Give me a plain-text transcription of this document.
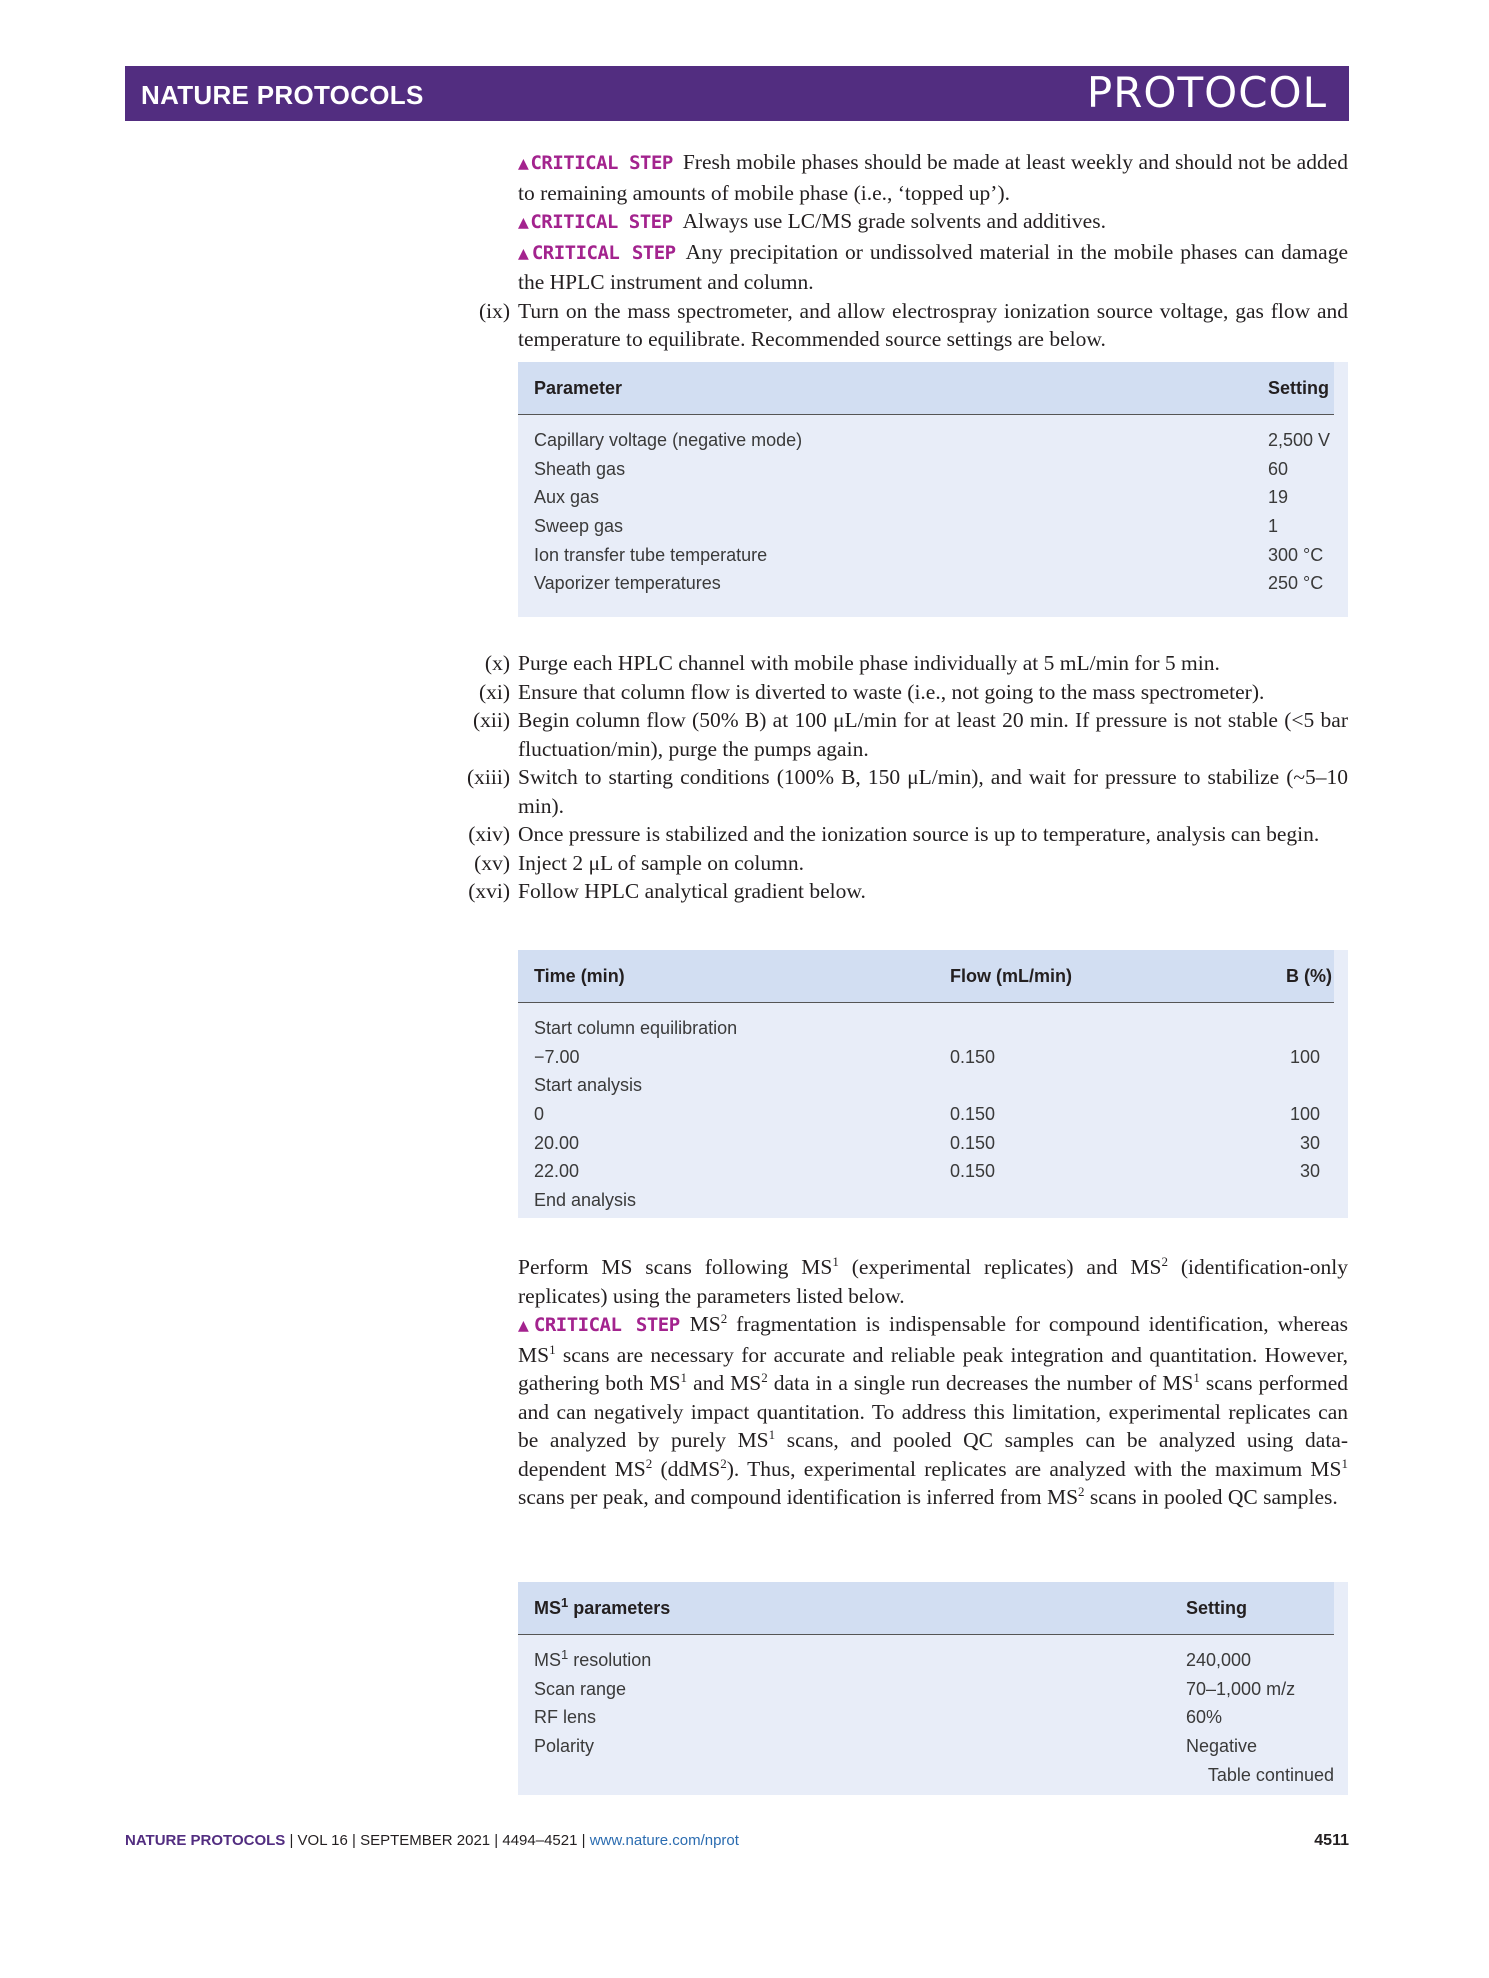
NATURE PROTOCOLS	PROTOCOL

▲ CRITICAL STEP Fresh mobile phases should be made at least weekly and should not be added to remaining amounts of mobile phase (i.e., ‘topped up’).

▲ CRITICAL STEP Always use LC/MS grade solvents and additives.

▲ CRITICAL STEP Any precipitation or undissolved material in the mobile phases can damage the HPLC instrument and column.

(ix) Turn on the mass spectrometer, and allow electrospray ionization source voltage, gas flow and temperature to equilibrate. Recommended source settings are below.

Parameter	Setting
Capillary voltage (negative mode)	2,500 V
Sheath gas	60
Aux gas	19
Sweep gas	1
Ion transfer tube temperature	300 °C
Vaporizer temperatures	250 °C

(x) Purge each HPLC channel with mobile phase individually at 5 mL/min for 5 min.

(xi) Ensure that column flow is diverted to waste (i.e., not going to the mass spectrometer).

(xii) Begin column flow (50% B) at 100 μL/min for at least 20 min. If pressure is not stable (<5 bar fluctuation/min), purge the pumps again.

(xiii) Switch to starting conditions (100% B, 150 μL/min), and wait for pressure to stabilize (~5–10 min).

(xiv) Once pressure is stabilized and the ionization source is up to temperature, analysis can begin.

(xv) Inject 2 μL of sample on column.

(xvi) Follow HPLC analytical gradient below.

Time (min)	Flow (mL/min)	B (%)
Start column equilibration
−7.00	0.150	100
Start analysis
0	0.150	100
20.00	0.150	30
22.00	0.150	30
End analysis

Perform MS scans following $MS^1$ (experimental replicates) and $MS^2$ (identification-only replicates) using the parameters listed below.

▲ CRITICAL STEP $MS^2$ fragmentation is indispensable for compound identification, whereas $MS^1$ scans are necessary for accurate and reliable peak integration and quantitation. However, gathering both $MS^1$ and $MS^2$ data in a single run decreases the number of $MS^1$ scans performed and can negatively impact quantitation. To address this limitation, experimental replicates can be analyzed by purely $MS^1$ scans, and pooled QC samples can be analyzed using data-dependent $MS^2$ (ddMS$^2$). Thus, experimental replicates are analyzed with the maximum $MS^1$ scans per peak, and compound identification is inferred from $MS^2$ scans in pooled QC samples.

$MS^1$ parameters	Setting
$MS^1$ resolution	240,000
Scan range	70–1,000 m/z
RF lens	60%
Polarity	Negative
Table continued
NATURE PROTOCOLS | VOL 16 | SEPTEMBER 2021 | 4494–4521 | www.nature.com/nprot	4511
